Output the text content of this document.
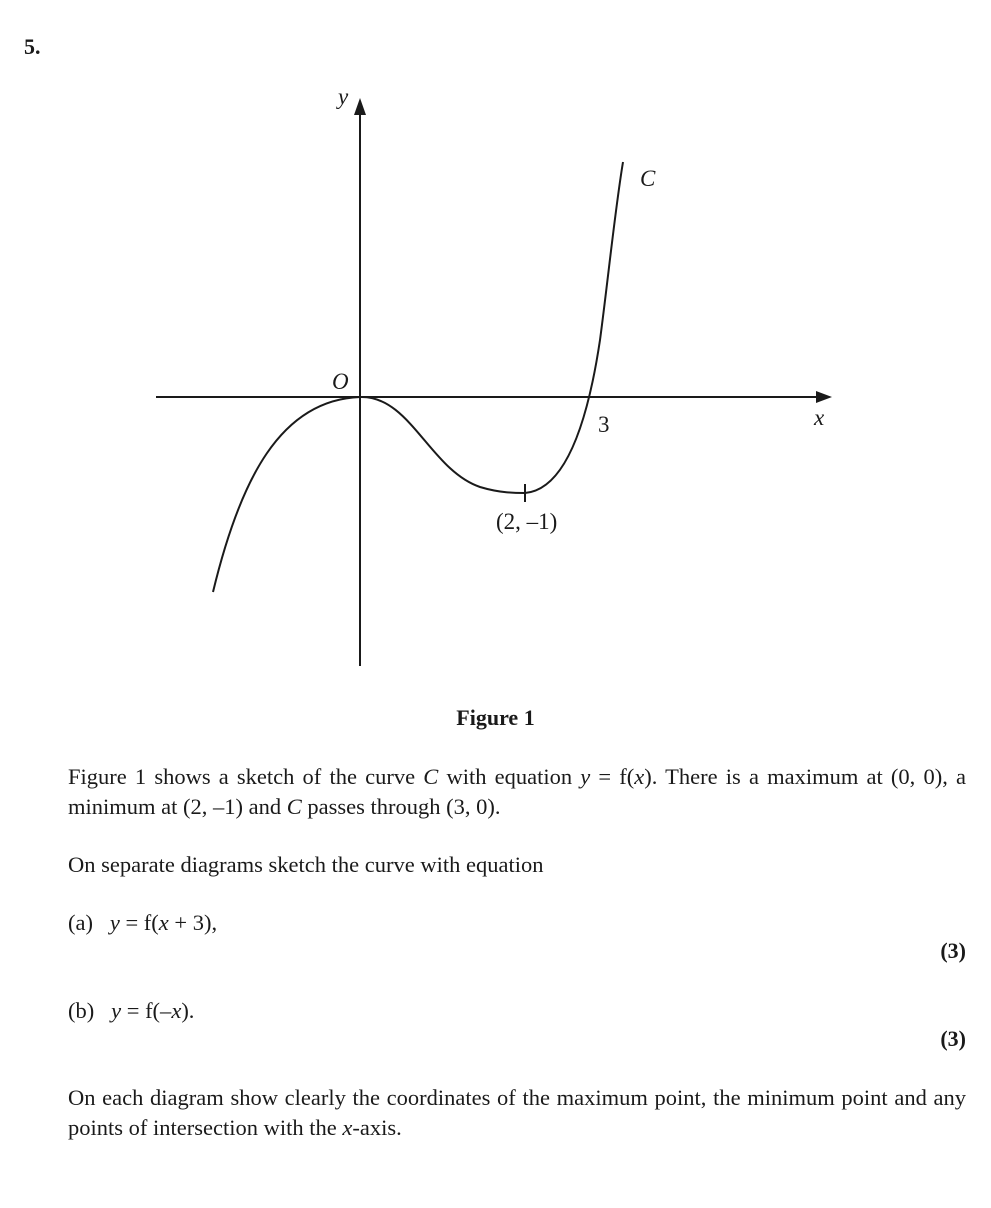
5.
y
x
O
C
3
(2, –1)
Figure 1
Figure 1 shows a sketch of the curve C with equation y = f(x). There is a maximum at (0, 0), a minimum at (2, –1) and C passes through (3, 0).
On separate diagrams sketch the curve with equation
(a) y = f(x + 3),
(3)
(b) y = f(–x).
(3)
On each diagram show clearly the coordinates of the maximum point, the minimum point and any points of intersection with the x-axis.
